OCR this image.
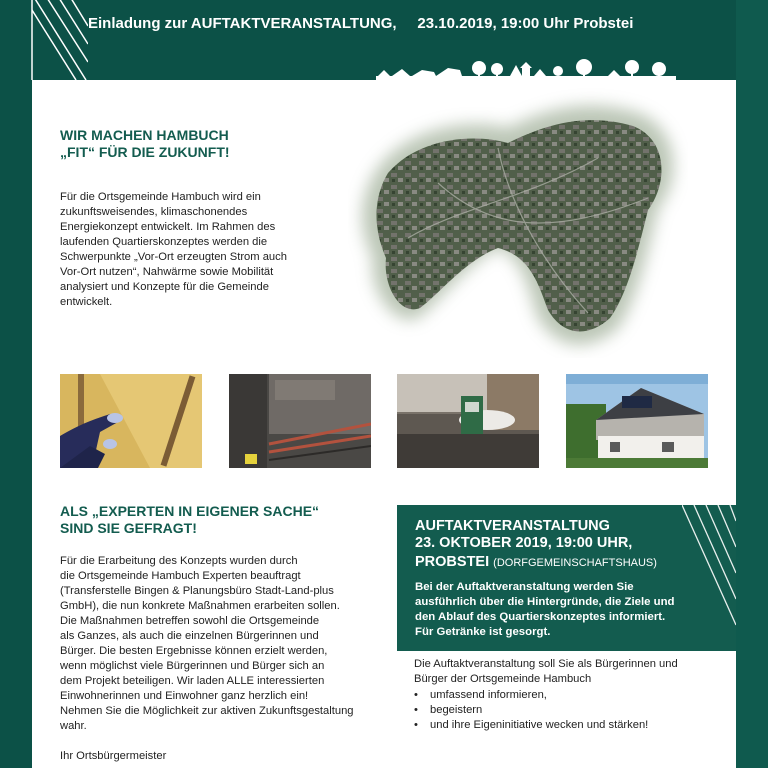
Einladung zur AUFTAKTVERANSTALTUNG,     23.10.2019, 19:00 Uhr Probstei
WIR MACHEN HAMBUCH
„FIT“ FÜR DIE ZUKUNFT!
Für die Ortsgemeinde Hambuch wird ein
zukunftsweisendes, klimaschonendes
Energiekonzept entwickelt. Im Rahmen des
laufenden Quartierskonzeptes werden die
Schwerpunkte „Vor-Ort erzeugten Strom auch
Vor-Ort nutzen“, Nahwärme sowie Mobilität
analysiert und Konzepte für die Gemeinde
entwickelt.
ALS „EXPERTEN IN EIGENER SACHE“
SIND SIE GEFRAGT!
Für die Erarbeitung des Konzepts wurden durch
die Ortsgemeinde Hambuch Experten beauftragt
(Transferstelle Bingen & Planungsbüro Stadt-Land-plus
GmbH), die nun konkrete Maßnahmen erarbeiten sollen.
Die Maßnahmen betreffen sowohl die Ortsgemeinde
als Ganzes, als auch die einzelnen Bürgerinnen und
Bürger. Die besten Ergebnisse können erzielt werden,
wenn möglichst viele Bürgerinnen und Bürger sich an
dem Projekt beteiligen. Wir laden ALLE interessierten
Einwohnerinnen und Einwohner ganz herzlich ein!
Nehmen Sie die Möglichkeit zur aktiven Zukunftsgestaltung
wahr.

Ihr Ortsbürgermeister
AUFTAKTVERANSTALTUNG
23. OKTOBER 2019, 19:00 UHR,
PROBSTEI (DORFGEMEINSCHAFTSHAUS)
Bei der Auftaktveranstaltung werden Sie
ausführlich über die Hintergründe, die Ziele und
den Ablauf des Quartierskonzeptes informiert.
Für Getränke ist gesorgt.
Die Auftaktveranstaltung soll Sie als Bürgerinnen und
Bürger der Ortsgemeinde Hambuch
• umfassend informieren,
• begeistern
• und ihre Eigeninitiative wecken und stärken!
